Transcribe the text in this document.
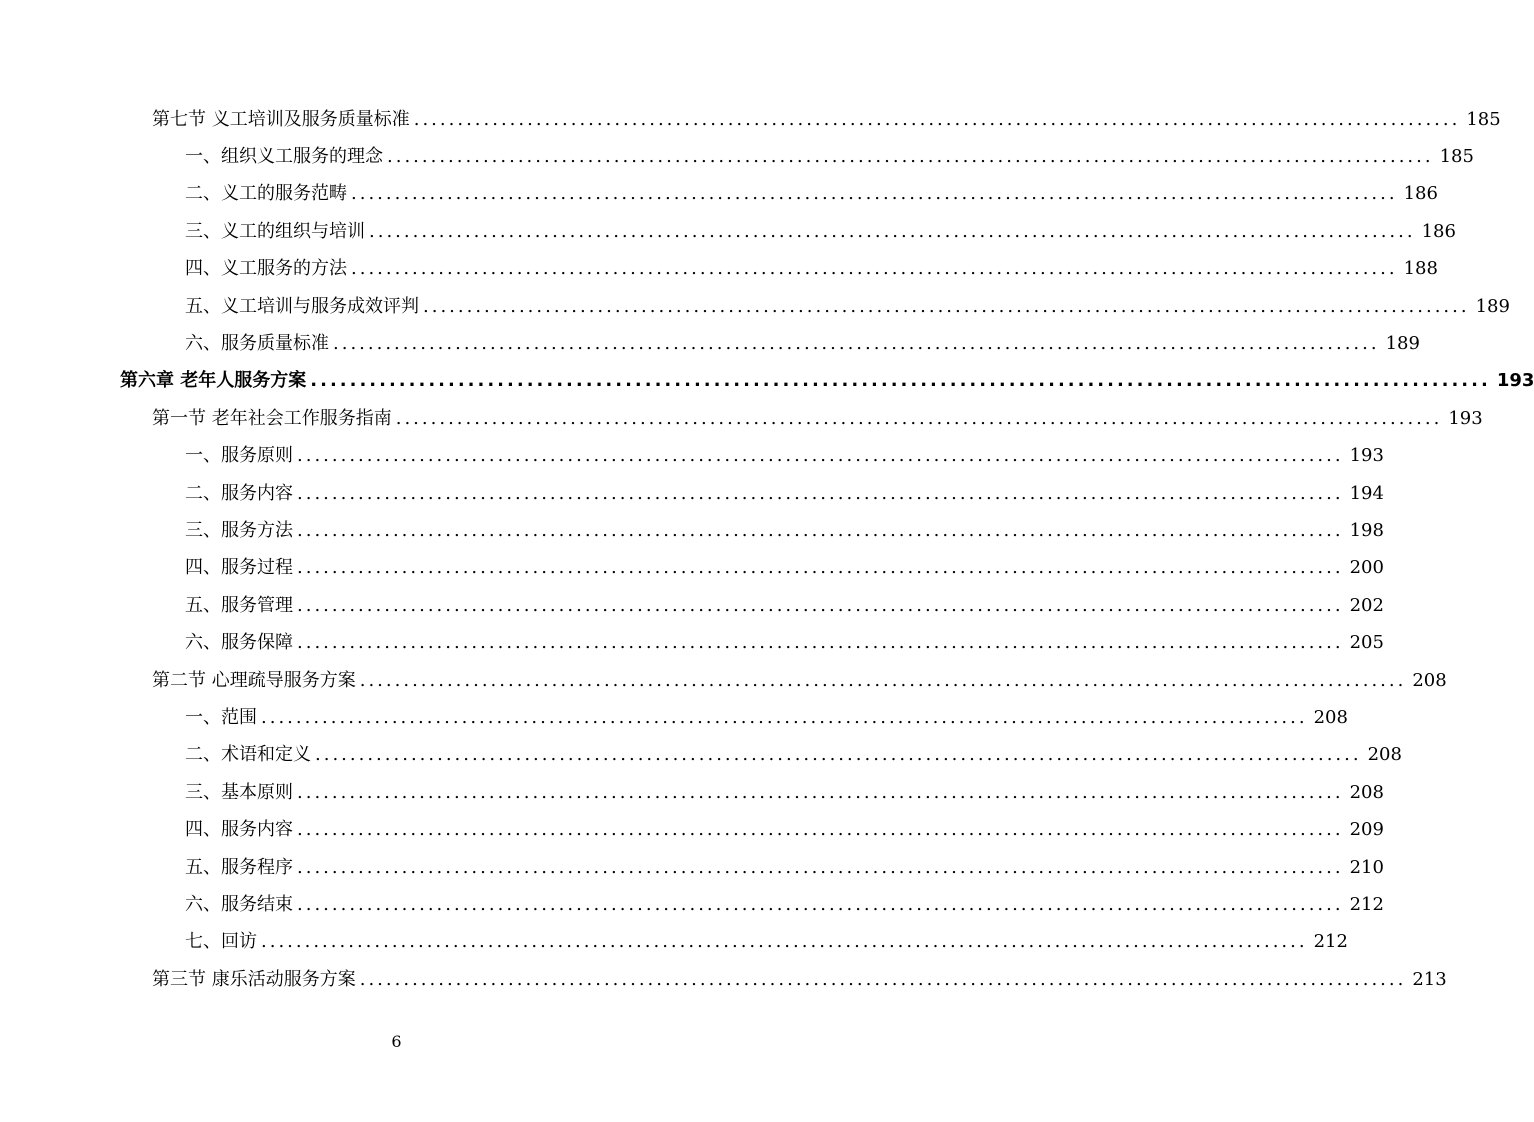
第七节 义工培训及服务质量标准 ........................................................................................................................ 185
一、组织义工服务的理念 ........................................................................................................................ 185
二、义工的服务范畴 ........................................................................................................................ 186
三、义工的组织与培训 ........................................................................................................................ 186
四、义工服务的方法 ........................................................................................................................ 188
五、义工培训与服务成效评判 ........................................................................................................................ 189
六、服务质量标准 ........................................................................................................................ 189
第六章 老年人服务方案 ........................................................................................................................ 193
第一节 老年社会工作服务指南 ........................................................................................................................ 193
一、服务原则 ........................................................................................................................ 193
二、服务内容 ........................................................................................................................ 194
三、服务方法 ........................................................................................................................ 198
四、服务过程 ........................................................................................................................ 200
五、服务管理 ........................................................................................................................ 202
六、服务保障 ........................................................................................................................ 205
第二节 心理疏导服务方案 ........................................................................................................................ 208
一、范围 ........................................................................................................................ 208
二、术语和定义 ........................................................................................................................ 208
三、基本原则 ........................................................................................................................ 208
四、服务内容 ........................................................................................................................ 209
五、服务程序 ........................................................................................................................ 210
六、服务结束 ........................................................................................................................ 212
七、回访 ........................................................................................................................ 212
第三节 康乐活动服务方案 ........................................................................................................................ 213
6
